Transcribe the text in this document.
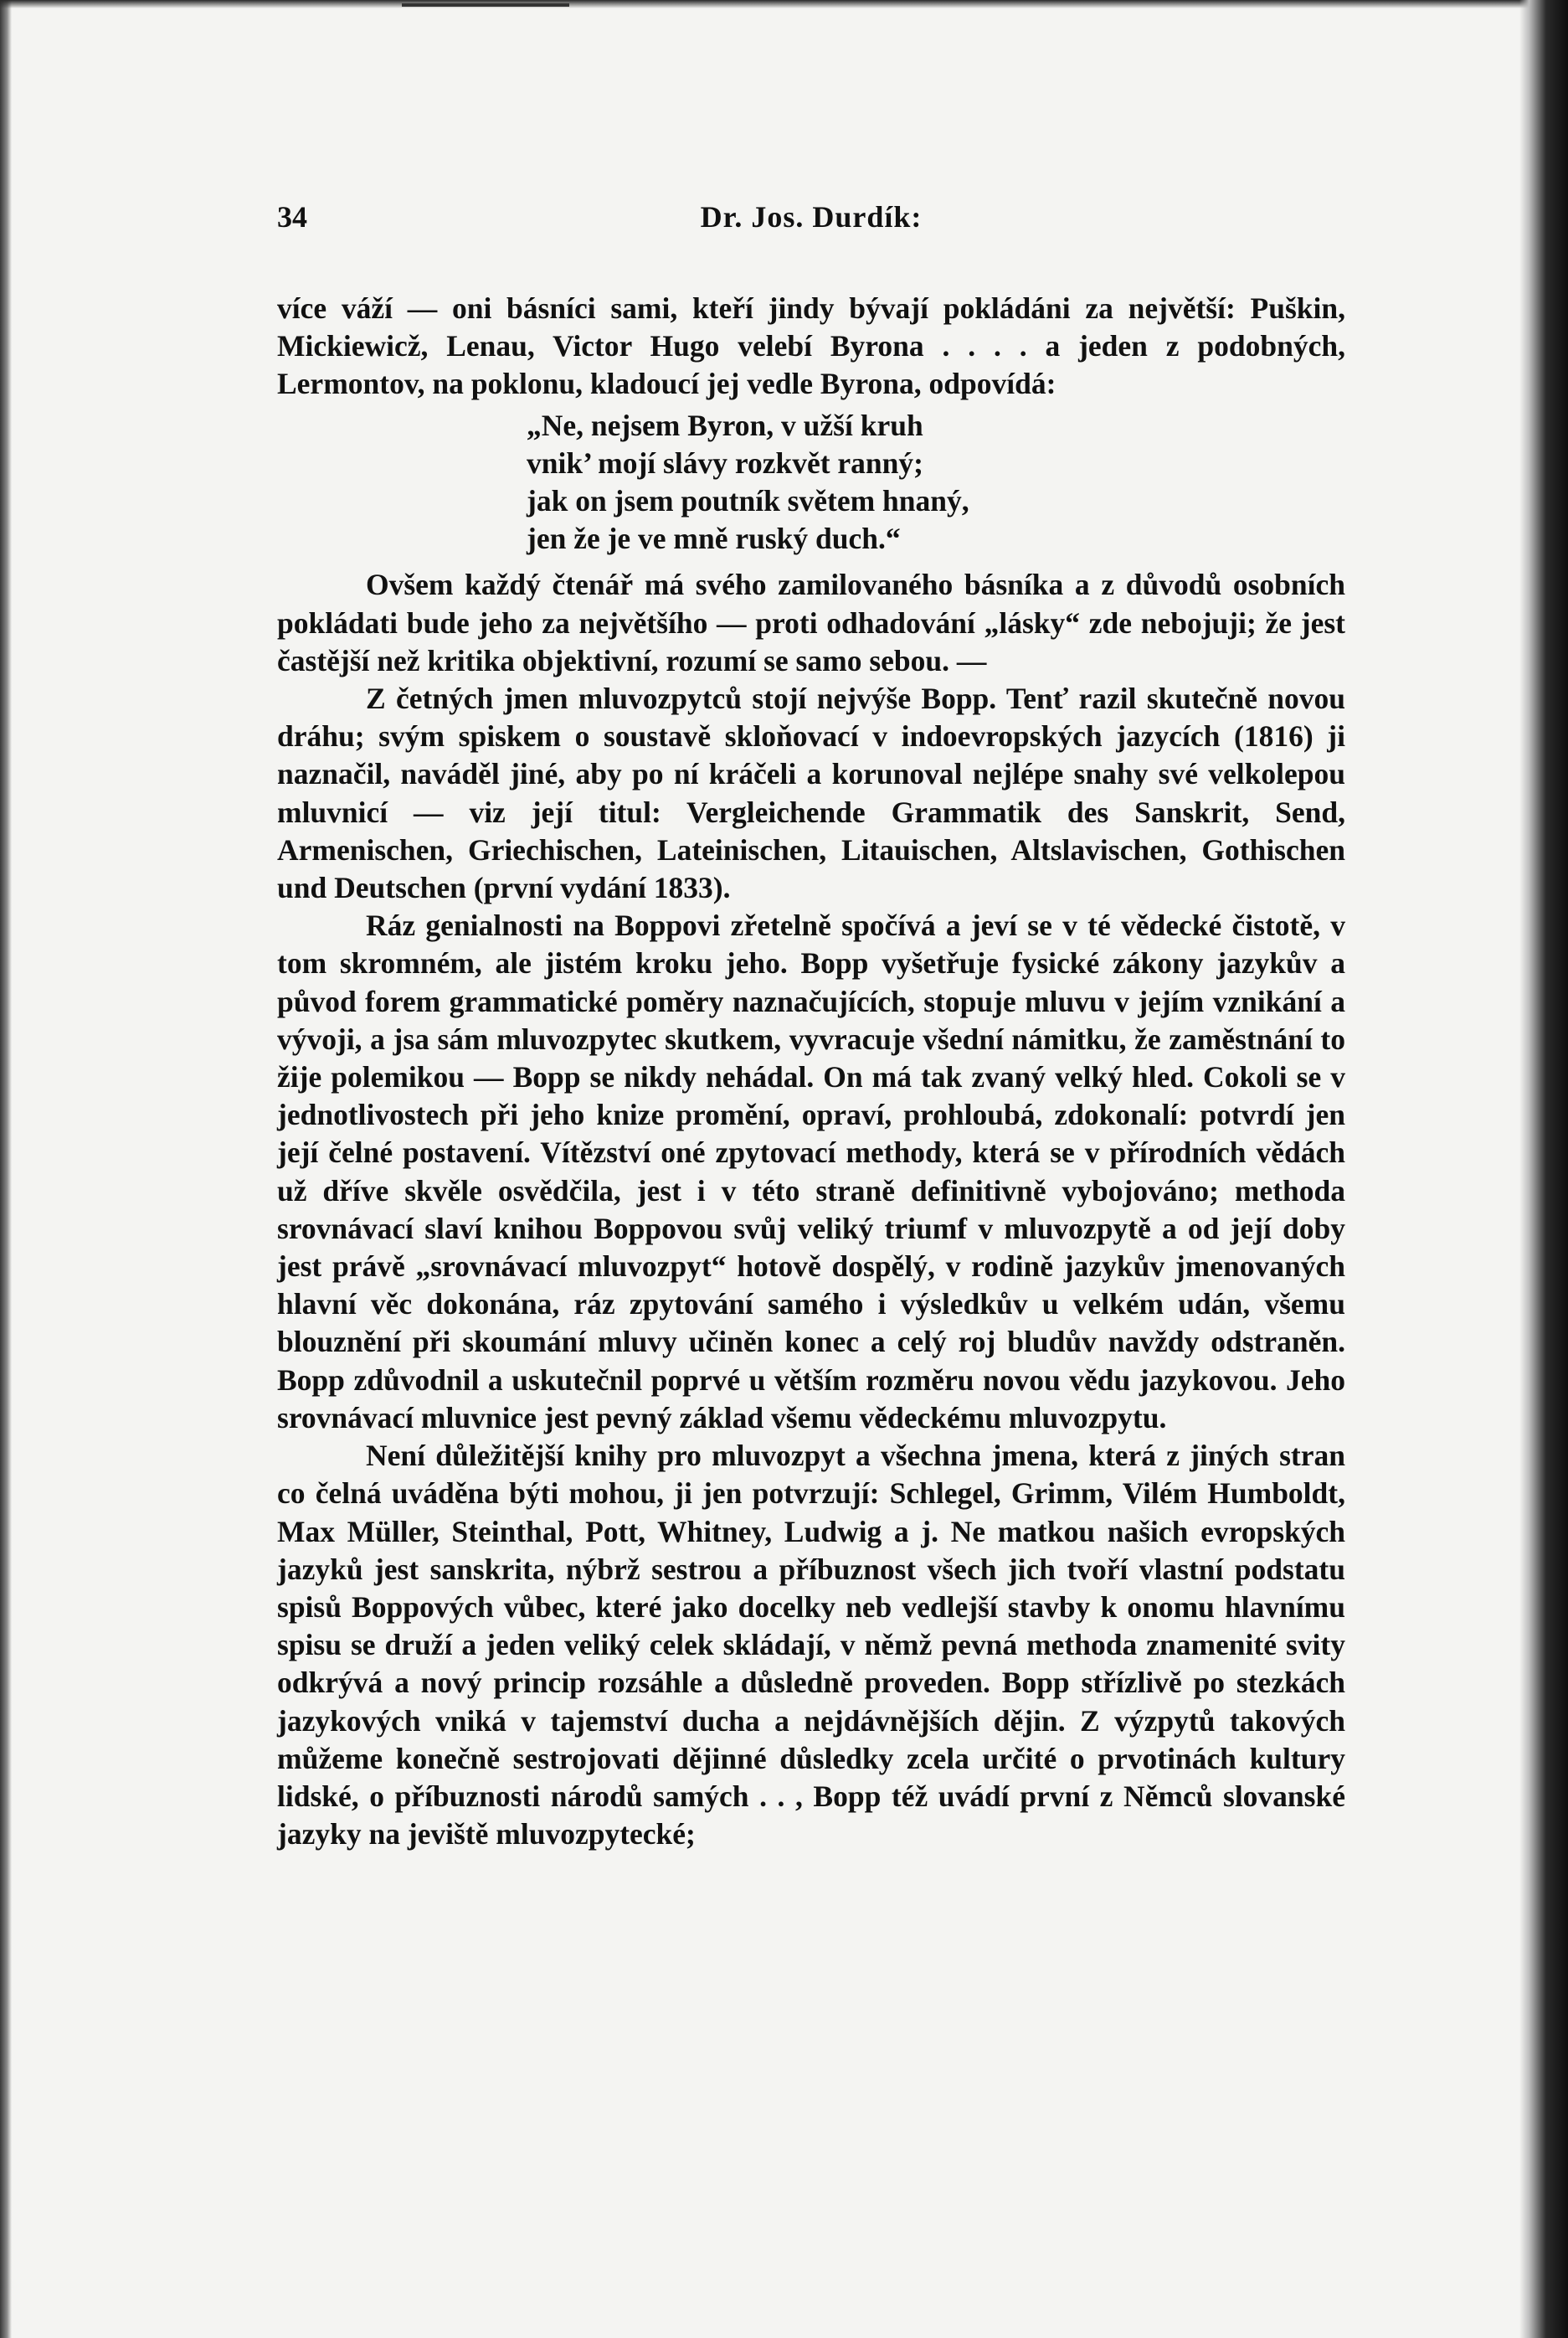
34	Dr. Jos. Durdík:

více váží — oni básníci sami, kteří jindy bývají pokládáni za největší: Puškin, Mickiewicž, Lenau, Victor Hugo velebí Byrona . . . . a jeden z podobných, Lermontov, na poklonu, kladoucí jej vedle Byrona, odpovídá:

„Ne, nejsem Byron, v užší kruh
vnik’ mojí slávy rozkvět ranný;
jak on jsem poutník světem hnaný,
jen že je ve mně ruský duch.“

Ovšem každý čtenář má svého zamilovaného básníka a z důvodů osobních pokládati bude jeho za největšího — proti odhadování „lásky“ zde nebojuji; že jest častější než kritika objektivní, rozumí se samo sebou. —

Z četných jmen mluvozpytců stojí nejvýše Bopp. Tenť razil skutečně novou dráhu; svým spiskem o soustavě skloňovací v indoevropských jazycích (1816) ji naznačil, naváděl jiné, aby po ní kráčeli a korunoval nejlépe snahy své velkolepou mluvnicí — viz její titul: Vergleichende Grammatik des Sanskrit, Send, Armenischen, Griechischen, Lateinischen, Litauischen, Altslavischen, Gothischen und Deutschen (první vydání 1833).

Ráz genialnosti na Boppovi zřetelně spočívá a jeví se v té vědecké čistotě, v tom skromném, ale jistém kroku jeho. Bopp vyšetřuje fysické zákony jazykův a původ forem grammatické poměry naznačujících, stopuje mluvu v jejím vznikání a vývoji, a jsa sám mluvozpytec skutkem, vyvracuje všední námitku, že zaměstnání to žije polemikou — Bopp se nikdy nehádal. On má tak zvaný velký hled. Cokoli se v jednotlivostech při jeho knize promění, opraví, prohloubá, zdokonalí: potvrdí jen její čelné postavení. Vítězství oné zpytovací methody, která se v přírodních vědách už dříve skvěle osvědčila, jest i v této straně definitivně vybojováno; methoda srovnávací slaví knihou Boppovou svůj veliký triumf v mluvozpytě a od její doby jest právě „srovnávací mluvozpyt“ hotově dospělý, v rodině jazykův jmenovaných hlavní věc dokonána, ráz zpytování samého i výsledkův u velkém udán, všemu blouznění při skoumání mluvy učiněn konec a celý roj bludův navždy odstraněn. Bopp zdůvodnil a uskutečnil poprvé u větším rozměru novou vědu jazykovou. Jeho srovnávací mluvnice jest pevný základ všemu vědeckému mluvozpytu.

Není důležitější knihy pro mluvozpyt a všechna jmena, která z jiných stran co čelná uváděna býti mohou, ji jen potvrzují: Schlegel, Grimm, Vilém Humboldt, Max Müller, Steinthal, Pott, Whitney, Ludwig a j. Ne matkou našich evropských jazyků jest sanskrita, nýbrž sestrou a příbuznost všech jich tvoří vlastní podstatu spisů Boppových vůbec, které jako docelky neb vedlejší stavby k onomu hlavnímu spisu se druží a jeden veliký celek skládají, v němž pevná methoda znamenité svity odkrývá a nový princip rozsáhle a důsledně proveden. Bopp střízlivě po stezkách jazykových vniká v tajemství ducha a nejdávnějších dějin. Z výzpytů takových můžeme konečně sestrojovati dějinné důsledky zcela určité o prvotinách kultury lidské, o příbuznosti národů samých . . , Bopp též uvádí první z Němců slovanské jazyky na jeviště mluvozpytecké;
